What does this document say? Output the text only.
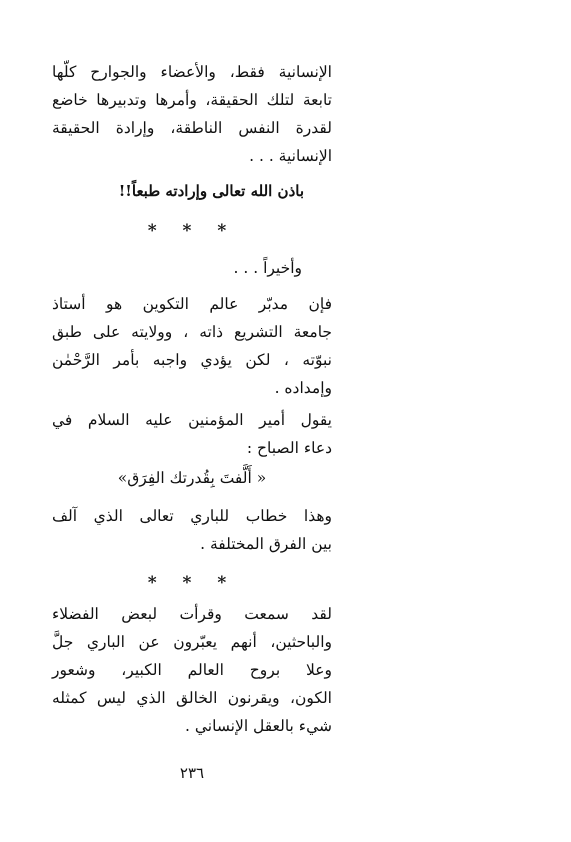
الإنسانية فقط، والأعضاء والجوارح كلّها
تابعة لتلك الحقيقة، وأمرها وتدبيرها خاضع
لقدرة النفس الناطقة، وإرادة الحقيقة
الإنسانية . . .
باذن الله تعالى وإرادته طبعاً!!
* * *
وأخيراً . . .
فإن مدبّر عالم التكوين هو أستاذ
جامعة التشريع ذاته ، وولايته على طبق
نبوّته ، لكن يؤدي واجبه بأمر الرَّحْمٰن
وإمداده .
يقول أمير المؤمنين عليه السلام في
دعاء الصباح :
« أَلَّفتَ بِقُدرتك الفِرَق»
وهذا خطاب للباري تعالى الذي آلف
بين الفرق المختلفة .
* * *
لقد سمعت وقرأت لبعض الفضلاء
والباحثين، أنهم يعبّرون عن الباري جلَّ
وعلا بروح العالم الكبير، وشعور
الكون، ويقرنون الخالق الذي ليس كمثله
شيء بالعقل الإنساني .
٢٣٦
